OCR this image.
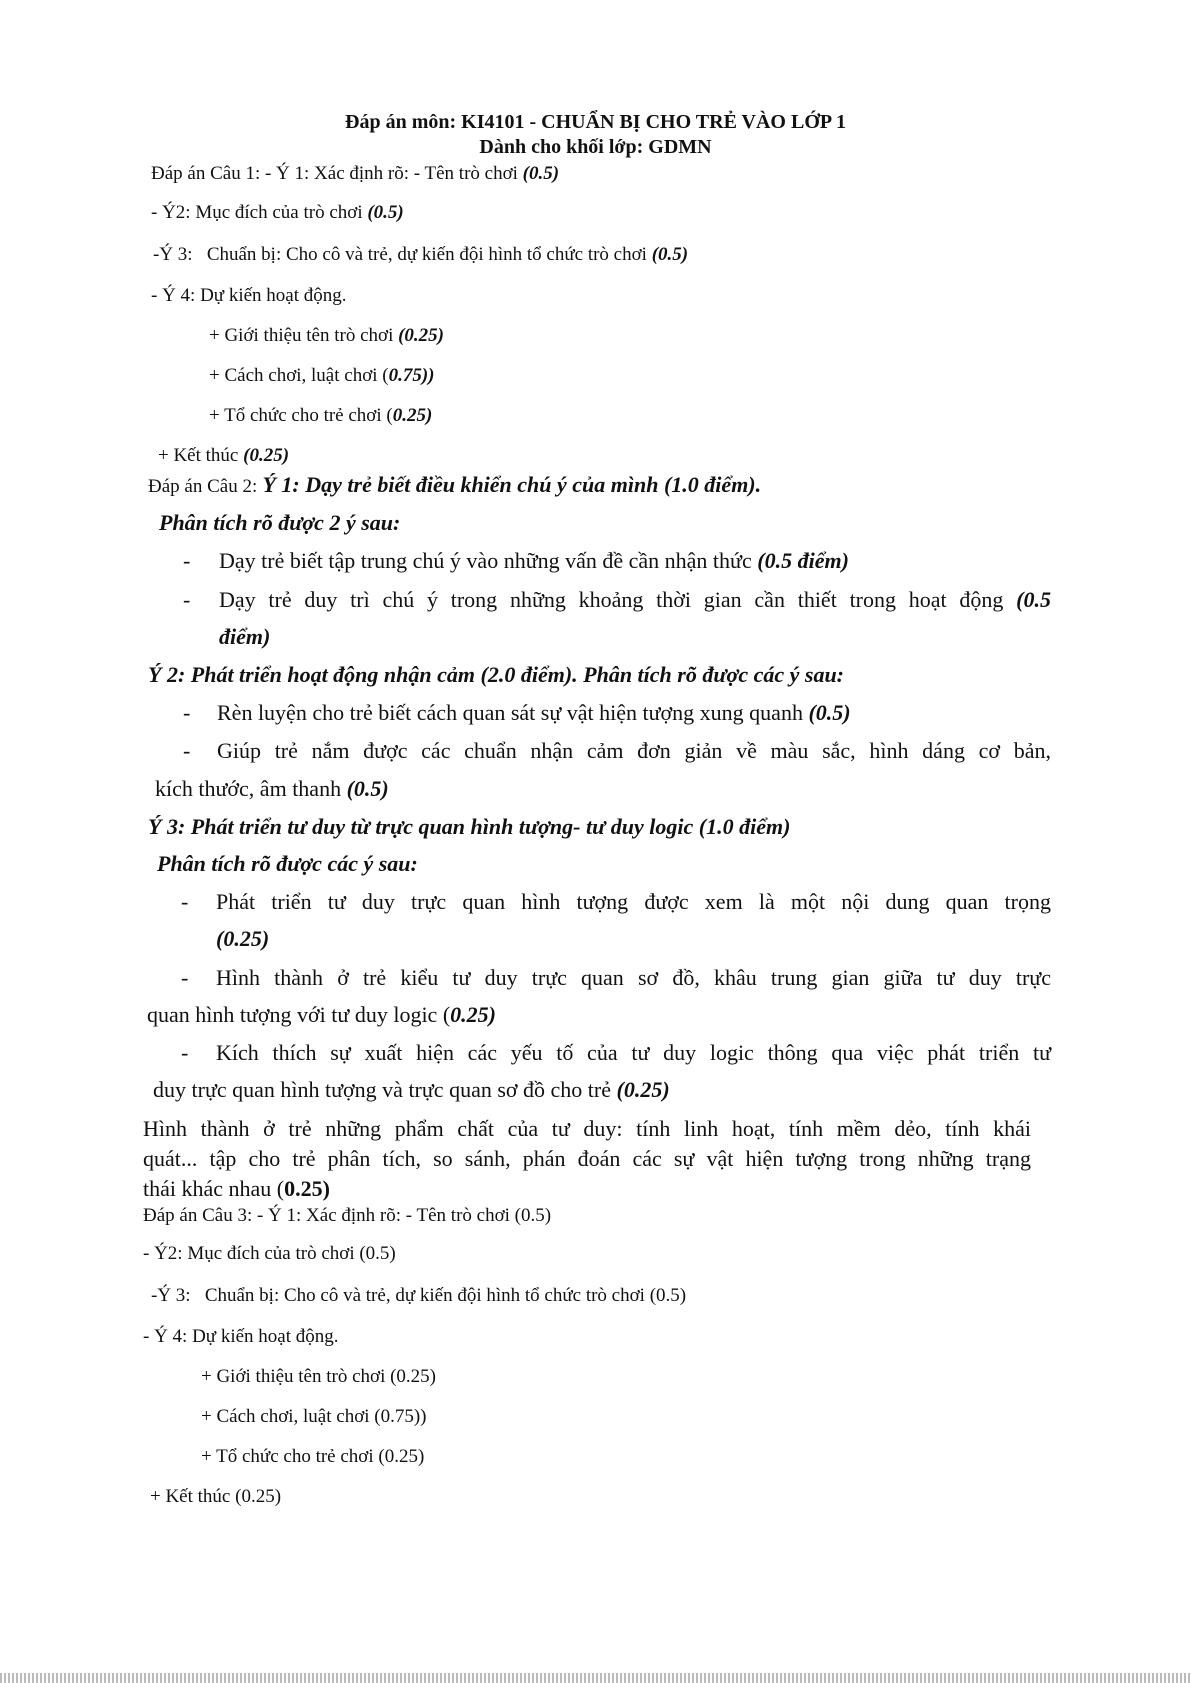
Đáp án môn: KI4101 - CHUẨN BỊ CHO TRẺ VÀO LỚP 1
Dành cho khối lớp: GDMN
Đáp án Câu 1: - Ý 1: Xác định rõ: - Tên trò chơi (0.5)
- Ý2: Mục đích của trò chơi (0.5)
-Ý 3:   Chuẩn bị: Cho cô và trẻ, dự kiến đội hình tổ chức trò chơi (0.5)
- Ý 4: Dự kiến hoạt động.
+ Giới thiệu tên trò chơi (0.25)
+ Cách chơi, luật chơi (0.75))
+ Tổ chức cho trẻ chơi (0.25)
+ Kết thúc (0.25)
Đáp án Câu 2: Ý 1: Dạy trẻ biết điều khiển chú ý của mình (1.0 điểm).
Phân tích rõ được 2 ý sau:
- Dạy trẻ biết tập trung chú ý vào những vấn đề cần nhận thức (0.5 điểm)
- Dạy trẻ duy trì chú ý trong những khoảng thời gian cần thiết trong hoạt động (0.5
điểm)
Ý 2: Phát triển hoạt động nhận cảm (2.0 điểm). Phân tích rõ được các ý sau:
- Rèn luyện cho trẻ biết cách quan sát sự vật hiện tượng xung quanh (0.5)
- Giúp trẻ nắm được các chuẩn nhận cảm đơn giản về màu sắc, hình dáng cơ bản,
kích thước, âm thanh (0.5)
Ý 3: Phát triển tư duy từ trực quan hình tượng- tư duy logic (1.0 điểm)
Phân tích rõ được các ý sau:
- Phát triển tư duy trực quan hình tượng được xem là một nội dung quan trọng
(0.25)
- Hình thành ở trẻ kiểu tư duy trực quan sơ đồ, khâu trung gian giữa tư duy trực
quan hình tượng với tư duy logic (0.25)
- Kích thích sự xuất hiện các yếu tố của tư duy logic thông qua việc phát triển tư
duy trực quan hình tượng và trực quan sơ đồ cho trẻ (0.25)
Hình thành ở trẻ những phẩm chất của tư duy: tính linh hoạt, tính mềm dẻo, tính khái
quát... tập cho trẻ phân tích, so sánh, phán đoán các sự vật hiện tượng trong những trạng
thái khác nhau (0.25)
Đáp án Câu 3: - Ý 1: Xác định rõ: - Tên trò chơi (0.5)
- Ý2: Mục đích của trò chơi (0.5)
-Ý 3:   Chuẩn bị: Cho cô và trẻ, dự kiến đội hình tổ chức trò chơi (0.5)
- Ý 4: Dự kiến hoạt động.
+ Giới thiệu tên trò chơi (0.25)
+ Cách chơi, luật chơi (0.75))
+ Tổ chức cho trẻ chơi (0.25)
+ Kết thúc (0.25)
